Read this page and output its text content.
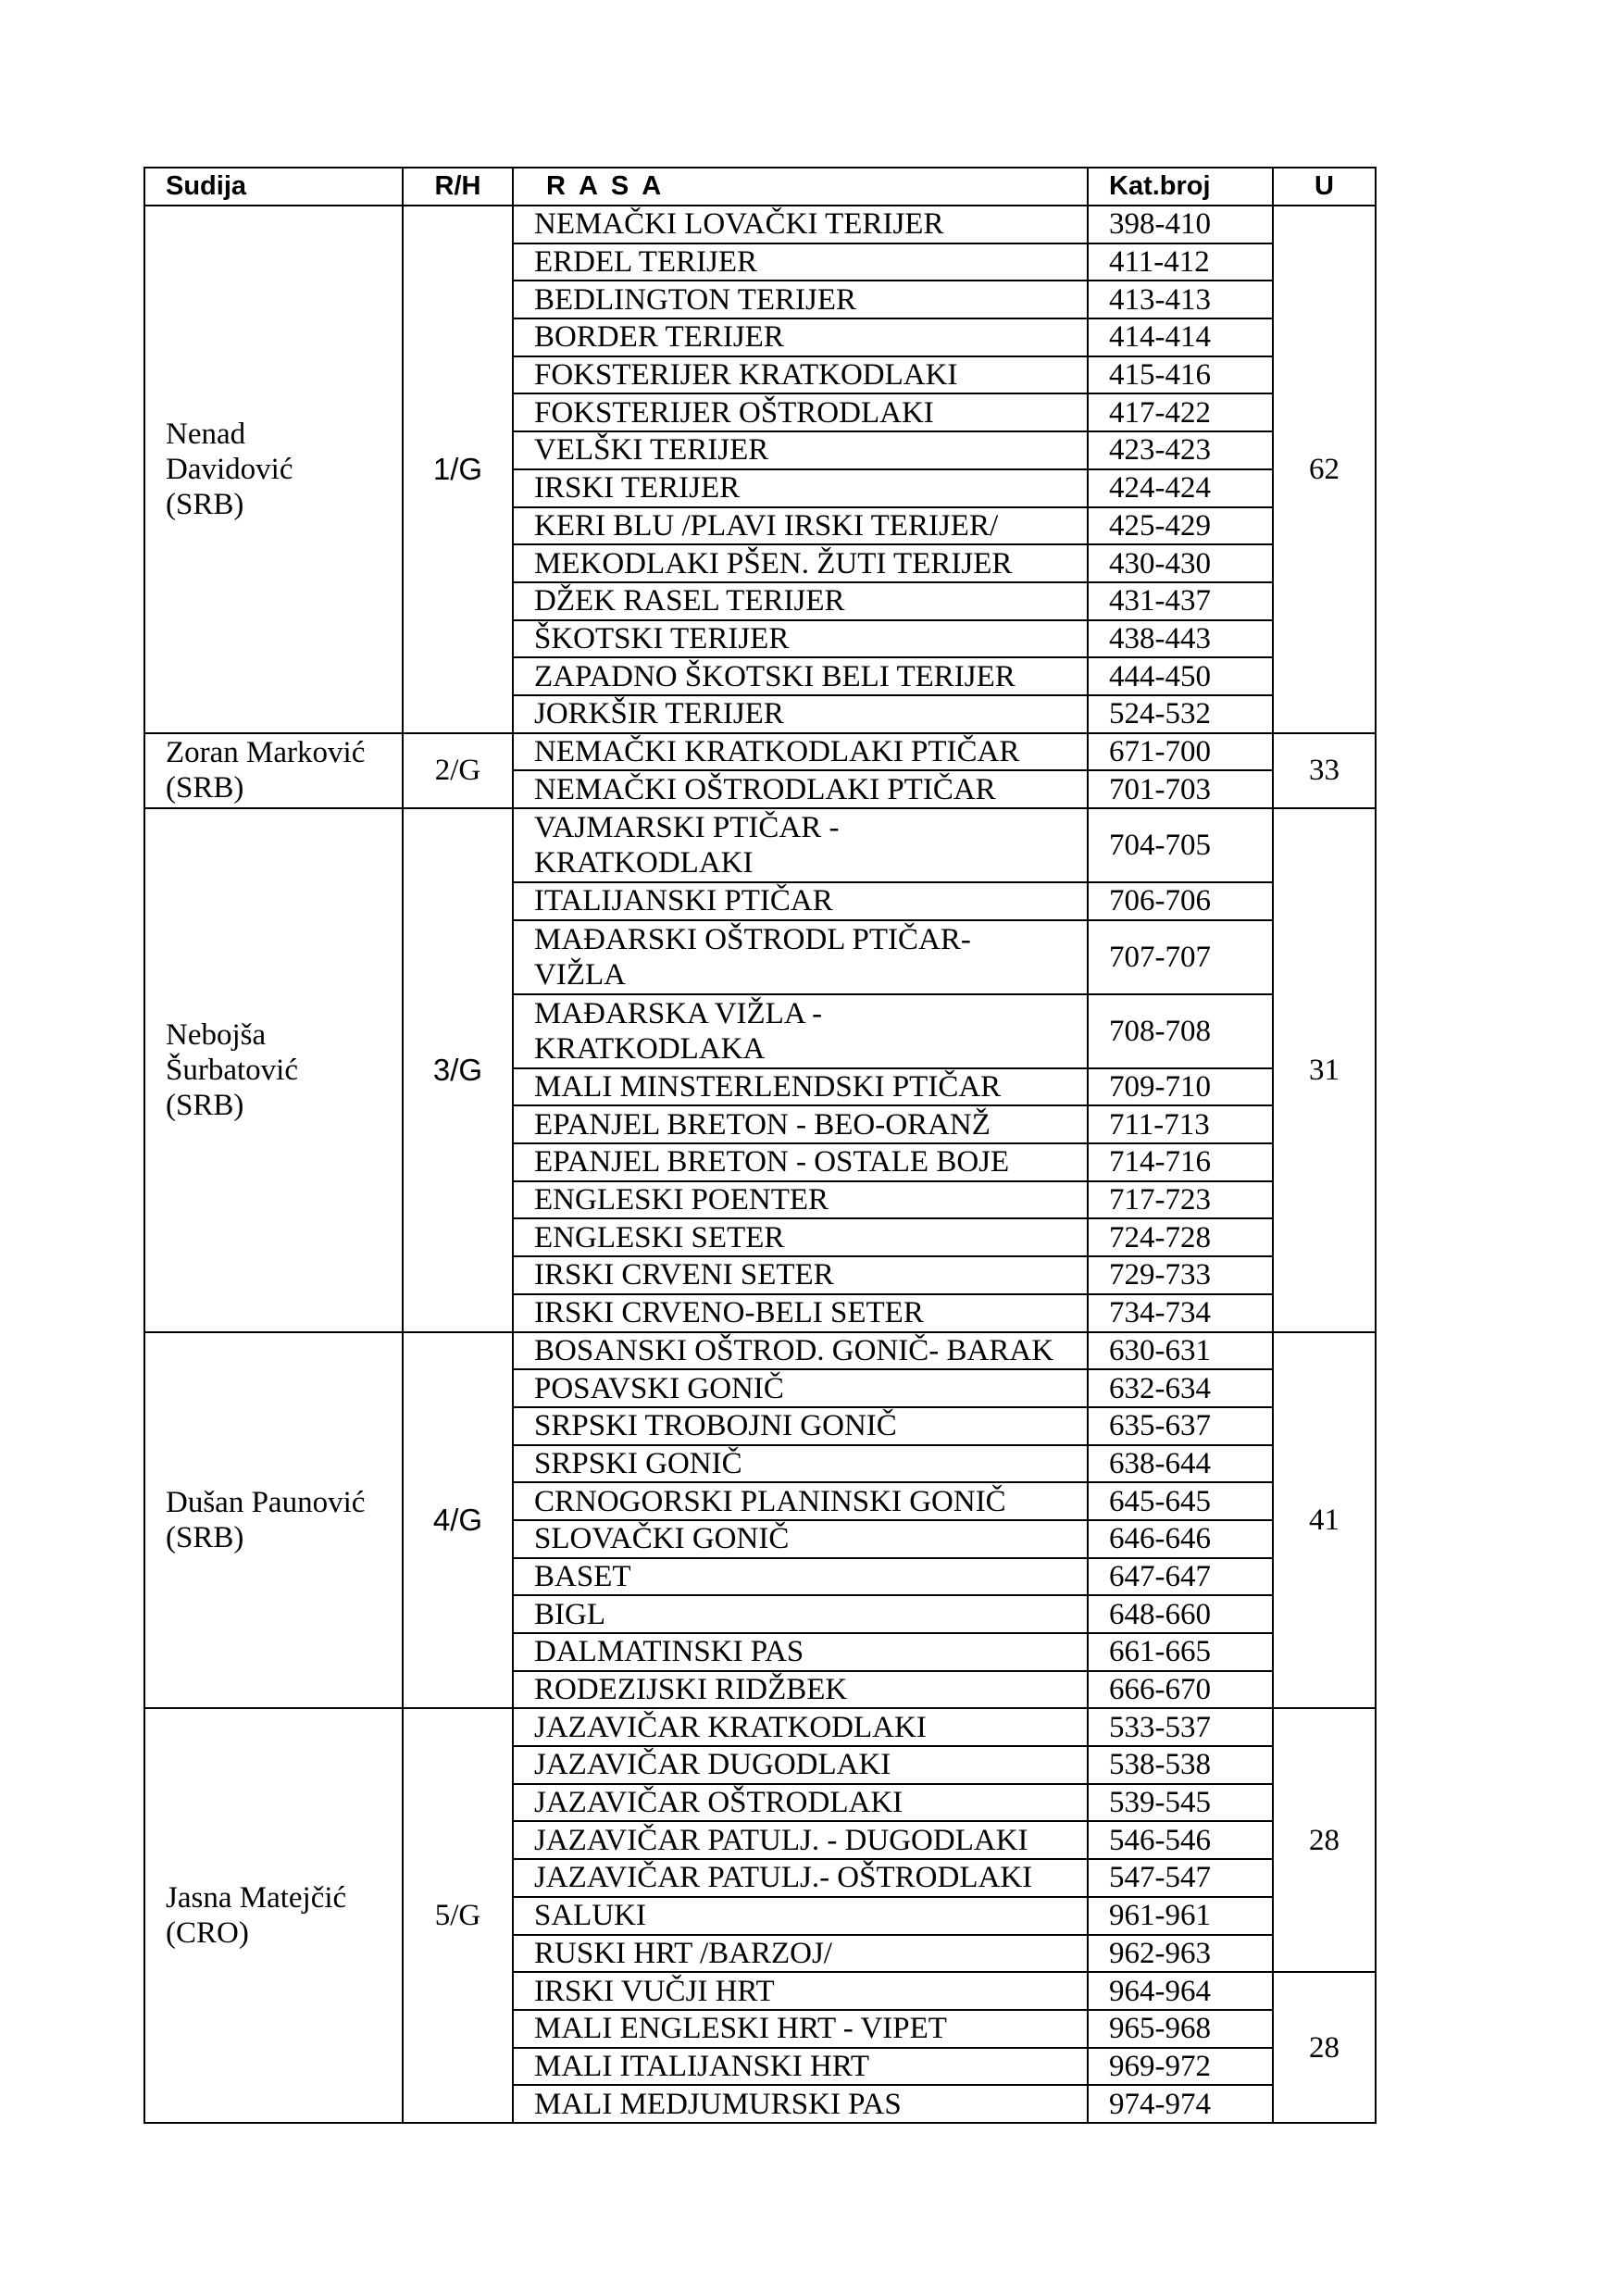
Sudija	R/H	RASA	Kat.broj	U

Nenad
Davidović
(SRB)	1/G	NEMAČKI LOVAČKI TERIJER	398-410	62

		ERDEL TERIJER	411-412	

		BEDLINGTON TERIJER	413-413	

		BORDER TERIJER	414-414	

		FOKSTERIJER KRATKODLAKI	415-416	

		FOKSTERIJER OŠTRODLAKI	417-422	

		VELŠKI TERIJER	423-423	

		IRSKI TERIJER	424-424	

		KERI BLU /PLAVI IRSKI TERIJER/	425-429	

		MEKODLAKI PŠEN. ŽUTI TERIJER	430-430	

		DŽEK RASEL TERIJER	431-437	

		ŠKOTSKI TERIJER	438-443	

		ZAPADNO ŠKOTSKI BELI TERIJER	444-450	

		JORKŠIR TERIJER	524-532	

Zoran Marković
(SRB)	2/G	NEMAČKI KRATKODLAKI PTIČAR	671-700	33

		NEMAČKI OŠTRODLAKI PTIČAR	701-703	

Nebojša
Šurbatović
(SRB)	3/G	VAJMARSKI PTIČAR -
KRATKODLAKI	704-705	31

		ITALIJANSKI PTIČAR	706-706	

		MAĐARSKI OŠTRODL PTIČAR-
VIŽLA	707-707	

		MAĐARSKA VIŽLA -
KRATKODLAKA	708-708	

		MALI MINSTERLENDSKI PTIČAR	709-710	

		EPANJEL BRETON - BEO-ORANŽ	711-713	

		EPANJEL BRETON - OSTALE BOJE	714-716	

		ENGLESKI POENTER	717-723	

		ENGLESKI SETER	724-728	

		IRSKI CRVENI SETER	729-733	

		IRSKI CRVENO-BELI SETER	734-734	

Dušan Paunović
(SRB)	4/G	BOSANSKI OŠTROD. GONIČ- BARAK	630-631	41

		POSAVSKI GONIČ	632-634	

		SRPSKI TROBOJNI GONIČ	635-637	

		SRPSKI GONIČ	638-644	

		CRNOGORSKI PLANINSKI GONIČ	645-645	

		SLOVAČKI GONIČ	646-646	

		BASET	647-647	

		BIGL	648-660	

		DALMATINSKI PAS	661-665	

		RODEZIJSKI RIDŽBEK	666-670	

Jasna Matejčić
(CRO)	5/G	JAZAVIČAR KRATKODLAKI	533-537	28

		JAZAVIČAR DUGODLAKI	538-538	

		JAZAVIČAR OŠTRODLAKI	539-545	

		JAZAVIČAR PATULJ. - DUGODLAKI	546-546	

		JAZAVIČAR PATULJ.- OŠTRODLAKI	547-547	

		SALUKI	961-961	

		RUSKI HRT /BARZOJ/	962-963	

		IRSKI VUČJI HRT	964-964	28

		MALI ENGLESKI HRT - VIPET	965-968	

		MALI ITALIJANSKI HRT	969-972	

		MALI MEDJUMURSKI PAS	974-974	
